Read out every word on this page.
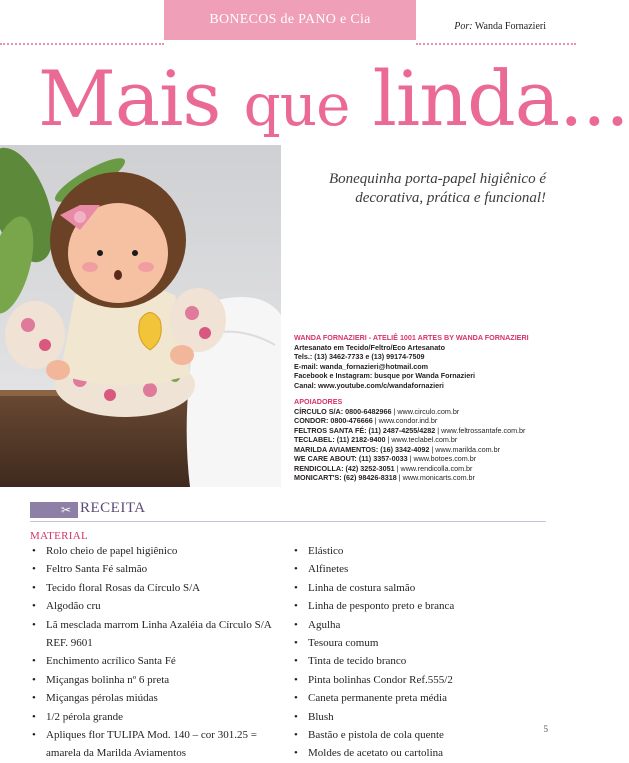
BONECOS de PANO e Cia	Por: Wanda Fornazieri
Mais que linda...
Bonequinha porta-papel higiênico é decorativa, prática e funcional!
WANDA FORNAZIERI - ATELIÊ 1001 ARTES BY WANDA FORNAZIERI
Artesanato em Tecido/Feltro/Eco Artesanato
Tels.: (13) 3462-7733 e (13) 99174-7509
E-mail: wanda_fornazieri@hotmail.com
Facebook e Instagram: busque por Wanda Fornazieri
Canal: www.youtube.com/c/wandafornazieri
APOIADORES
CÍRCULO S/A: 0800-6482966 | www.circulo.com.br
CONDOR: 0800-476666 | www.condor.ind.br
FELTROS SANTA FÉ: (11) 2487-4255/4282 | www.feltrossantafe.com.br
TECLABEL: (11) 2182-9400 | www.teclabel.com.br
MARILDA AVIAMENTOS: (16) 3342-4092 | www.marilda.com.br
WE CARE ABOUT: (11) 3357-0033 | www.botoes.com.br
RENDICOLLA: (42) 3252-3051 | www.rendicolla.com.br
MONICART'S: (62) 98426-8318 | www.monicarts.com.br
✂ RECEITA
MATERIAL
• Rolo cheio de papel higiênico
• Feltro Santa Fé salmão
• Tecido floral Rosas da Círculo S/A
• Algodão cru
• Lã mesclada marrom Linha Azaléia da Círculo S/A REF. 9601
• Enchimento acrílico Santa Fé
• Miçangas bolinha nº 6 preta
• Miçangas pérolas miúdas
• 1/2 pérola grande
• Apliques flor TULIPA Mod. 140 – cor 301.25 = amarela da Marilda Aviamentos
• Elástico
• Alfinetes
• Linha de costura salmão
• Linha de pesponto preto e branca
• Agulha
• Tesoura comum
• Tinta de tecido branco
• Pinta bolinhas Condor Ref.555/2
• Caneta permanente preta média
• Blush
• Bastão e pistola de cola quente
• Moldes de acetato ou cartolina
5
